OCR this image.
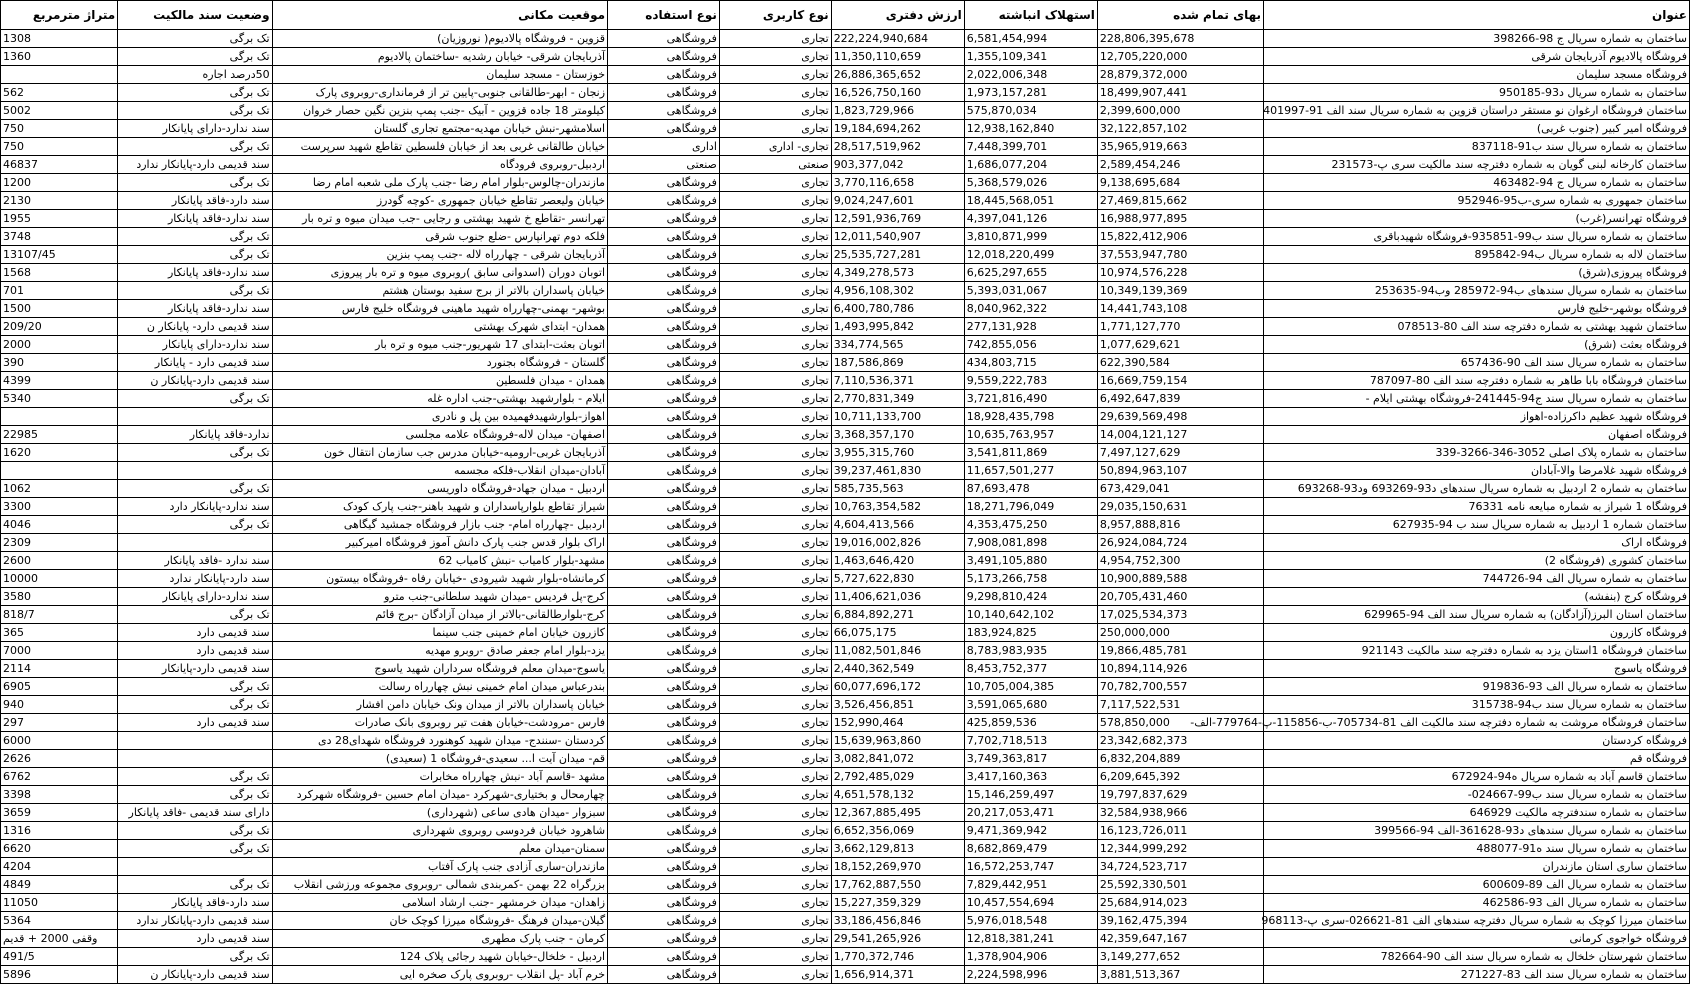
عنوان	بهای تمام شده	استهلاک انباشته	ارزش دفتری	نوع کاربری	نوع استفاده	موقعیت مکانی	وضعیت سند مالکیت	متراژ مترمربع
ساختمان به شماره سریال ج 98-398266	228,806,395,678	6,581,454,994	222,224,940,684	تجاری	فروشگاهی	قزوین - فروشگاه پالادیوم( نوروزیان)	تک برگی	1308
فروشگاه پالادیوم آذربایجان شرقی	12,705,220,000	1,355,109,341	11,350,110,659	تجاری	فروشگاهی	آذربایجان شرقی- خیابان رشدیه -ساختمان پالادیوم	تک برگی	1360
فروشگاه مسجد سلیمان	28,879,372,000	2,022,006,348	26,886,365,652	تجاری	فروشگاهی	خوزستان - مسجد سلیمان	50درصد اجاره	
ساختمان به شماره سریال د93-950185	18,499,907,441	1,973,157,281	16,526,750,160	تجاری	فروشگاهی	زنجان - ابهر-طالقانی جنوبی-پایین تر از فرمانداری-روبروی پارک	تک برگی	562
ساختمان فروشگاه ارغوان نو مستقر دراستان قزوین به شماره سریال سند الف 91-401997	2,399,600,000	575,870,034	1,823,729,966	تجاری	فروشگاهی	کیلومتر 18 جاده قزوین - آبیک -جنب پمپ بنزین نگین حصار خروان	تک برگی	5002
فروشگاه امیر کبیر (جنوب غربی)	32,122,857,102	12,938,162,840	19,184,694,262	تجاری	فروشگاهی	اسلامشهر-نبش خیابان مهدیه-مجتمع تجاری گلستان	سند ندارد-دارای پایانکار	750
ساختمان به شماره سریال سند ب91-837118	35,965,919,663	7,448,399,701	28,517,519,962	تجاری- اداری	اداری	خیابان طالقانی غربی بعد از خیابان فلسطین تقاطع شهید سرپرست	تک برگی	750
ساختمان کارخانه لبنی گویان به شماره دفترچه سند مالکیت سری پ-231573	2,589,454,246	1,686,077,204	903,377,042	صنعتی	صنعتی	اردبیل-روبروی فرودگاه	سند قدیمی دارد-پایانکار ندارد	46837
ساختمان به شماره سریال ج 94-463482	9,138,695,684	5,368,579,026	3,770,116,658	تجاری	فروشگاهی	مازندران-چالوس-بلوار امام رضا -جنب پارک ملی شعبه امام رضا	تک برگی	1200
ساختمان جمهوری به شماره سری-ب95-952946	27,469,815,662	18,445,568,051	9,024,247,601	تجاری	فروشگاهی	خیابان ولیعصر تقاطع خیابان جمهوری -کوچه گودرز	سند دارد-فاقد پایانکار	2130
فروشگاه تهرانسر(غرب)	16,988,977,895	4,397,041,126	12,591,936,769	تجاری	فروشگاهی	تهرانسر -تقاطع خ شهید بهشتی و رجایی -جب میدان میوه و تره بار	سند ندارد-فاقد پایانکار	1955
ساختمان به شماره سریال سند ب99-935851-فروشگاه شهیدباقری	15,822,412,906	3,810,871,999	12,011,540,907	تجاری	فروشگاهی	فلکه دوم تهرانپارس -ضلع جنوب شرقی	تک برگی	3748
ساختمان لاله به شماره سریال ب94-895842	37,553,947,780	12,018,220,499	25,535,727,281	تجاری	فروشگاهی	آذربایجان شرقی - چهارراه لاله -جنب پمپ بنزین	تک برگی	13107/45
فروشگاه پیروزی(شرق)	10,974,576,228	6,625,297,655	4,349,278,573	تجاری	فروشگاهی	اتوبان دوران (اسدوانی سابق )روبروی میوه و تره بار پیروزی	سند ندارد-فاقد پایانکار	1568
ساختمان به شماره سریال سندهای ب94-285972 وب94-253635	10,349,139,369	5,393,031,067	4,956,108,302	تجاری	فروشگاهی	خیابان پاسداران بالاتر از برج سفید بوستان هشتم	تک برگی	701
فروشگاه بوشهر-خلیج فارس	14,441,743,108	8,040,962,322	6,400,780,786	تجاری	فروشگاهی	بوشهر- بهمنی-چهارراه شهید ماهینی فروشگاه خلیج فارس	سند ندارد-فاقد پایانکار	1500
ساختمان شهید بهشتی به شماره دفترچه سند الف 80-078513	1,771,127,770	277,131,928	1,493,995,842	تجاری	فروشگاهی	همدان- ابتدای شهرک بهشتی	سند قدیمی دارد- پایانکار ن	209/20
فروشگاه بعثت (شرق)	1,077,629,621	742,855,056	334,774,565	تجاری	فروشگاهی	اتوبان بعثت-ابتدای 17 شهریور-جنب میوه و تره بار	سند ندارد-دارای پایانکار	2000
ساختمان به شماره سریال سند الف 90-657436	622,390,584	434,803,715	187,586,869	تجاری	فروشگاهی	گلستان - فروشگاه بجنورد	سند قدیمی دارد - پایانکار	390
ساختمان فروشگاه بابا طاهر به شماره دفترچه سند الف 80-787097	16,669,759,154	9,559,222,783	7,110,536,371	تجاری	فروشگاهی	همدان - میدان فلسطین	سند قدیمی دارد-پایانکار ن	4399
ساختمان به شماره سریال سند ج94-241445-فروشگاه بهشتی ایلام -	6,492,647,839	3,721,816,490	2,770,831,349	تجاری	فروشگاهی	ایلام - بلوارشهید بهشتی-جنب اداره غله	تک برگی	5340
فروشگاه شهید عظیم داکرزاده-اهواز	29,639,569,498	18,928,435,798	10,711,133,700	تجاری	فروشگاهی	اهواز-بلوارشهیدفهمیده بین پل و نادری		
فروشگاه اصفهان	14,004,121,127	10,635,763,957	3,368,357,170	تجاری	فروشگاهی	اصفهان- میدان لاله-فروشگاه علامه مجلسی	ندارد-فاقد پایانکار	22985
ساختمان به شماره پلاک اصلی 3052-346-3266-339	7,497,127,629	3,541,811,869	3,955,315,760	تجاری	فروشگاهی	آذربایجان غربی-ارومیه-خیابان مدرس جب سازمان انتقال خون	تک برگی	1620
فروشگاه شهید غلامرضا والا-آبادان	50,894,963,107	11,657,501,277	39,237,461,830	تجاری	فروشگاهی	آبادان-میدان انقلاب-فلکه مجسمه		
ساختمان به شماره 2 اردبیل به شماره سریال سندهای د93-693269 ود93-693268	673,429,041	87,693,478	585,735,563	تجاری	فروشگاهی	اردبیل - میدان جهاد-فروشگاه داوریسی	تک برگی	1062
فروشگاه 1 شیراز به شماره مبایعه نامه 76331	29,035,150,631	18,271,796,049	10,763,354,582	تجاری	فروشگاهی	شیراز تقاطع بلوارپاسداران و شهید باهنر-جنب پارک کودک	سند ندارد-پایانکار دارد	3300
ساختمان شماره 1 اردبیل به شماره سریال سند ب 94-627935	8,957,888,816	4,353,475,250	4,604,413,566	تجاری	فروشگاهی	اردبیل -چهارراه امام- جنب بازار فروشگاه جمشید گیگاهی	تک برگی	4046
فروشگاه اراک	26,924,084,724	7,908,081,898	19,016,002,826	تجاری	فروشگاهی	اراک بلوار قدس جنب پارک دانش آموز فروشگاه امیرکبیر		2309
ساختمان کشوری (فروشگاه 2)	4,954,752,300	3,491,105,880	1,463,646,420	تجاری	فروشگاهی	مشهد-بلوار کامیاب -نبش کامیاب 62	سند ندارد -فاقد پایانکار	2600
ساختمان به شماره سریال الف 94-744726	10,900,889,588	5,173,266,758	5,727,622,830	تجاری	فروشگاهی	کرمانشاه-بلوار شهید شیرودی -خیابان رفاه -فروشگاه بیستون	سند دارد-پایانکار ندارد	10000
فروشگاه کرج (بنفشه)	20,705,431,460	9,298,810,424	11,406,621,036	تجاری	فروشگاهی	کرج-پل فردیس -میدان شهید سلطانی-جنب مترو	سند ندارد-دارای پایانکار	3580
ساختمان استان البرز(آزادگان) به شماره سریال سند الف 94-629965	17,025,534,373	10,140,642,102	6,884,892,271	تجاری	فروشگاهی	کرج-بلوارطالقانی-بالاتر از میدان آزادگان -برج قائم	تک برگی	818/7
فروشگاه کازرون	250,000,000	183,924,825	66,075,175	تجاری	فروشگاهی	کازرون خیابان امام خمینی جنب سینما	سند قدیمی دارد	365
ساختمان فروشگاه 1استان یزد به شماره دفترچه سند مالکیت 921143	19,866,485,781	8,783,983,935	11,082,501,846	تجاری	فروشگاهی	یزد-بلوار امام جعفر صادق -روبرو مهدیه	سند قدیمی دارد	7000
فروشگاه یاسوج	10,894,114,926	8,453,752,377	2,440,362,549	تجاری	فروشگاهی	یاسوج-میدان معلم فروشگاه سرداران شهید یاسوج	سند قدیمی دارد-پایانکار	2114
ساختمان به شماره سریال الف 93-919836	70,782,700,557	10,705,004,385	60,077,696,172	تجاری	فروشگاهی	بندرعباس میدان امام خمینی نبش چهارراه رسالت	تک برگی	6905
ساختمان به شماره سریال سند ب94-315738	7,117,522,531	3,591,065,680	3,526,456,851	تجاری	فروشگاهی	خیابان پاسداران بالاتر از میدان ونک خیابان دامن افشار	تک برگی	940
ساختمان فروشگاه مروشت به شماره دفترچه سند مالکیت الف 81-705734-ب-115856-پ-779764-الف-	578,850,000	425,859,536	152,990,464	تجاری	فروشگاهی	فارس -مرودشت-خیابان هفت تیر روبروی بانک صادرات	سند قدیمی دارد	297
فروشگاه کردستان	23,342,682,373	7,702,718,513	15,639,963,860	تجاری	فروشگاهی	کردستان -سنندج- میدان شهید کوهنورد فروشگاه شهدای28 دی		6000
فروشگاه قم	6,832,204,889	3,749,363,817	3,082,841,072	تجاری	فروشگاهی	قم- میدان آیت ا... سعیدی-فروشگاه 1 (سعیدی)		2626
ساختمان قاسم آباد به شماره سریال ه94-672924	6,209,645,392	3,417,160,363	2,792,485,029	تجاری	فروشگاهی	مشهد -قاسم آباد -نبش چهارراه مخابرات	تک برگی	6762
ساختمان به شماره سریال سند ب99-024667-	19,797,837,629	15,146,259,497	4,651,578,132	تجاری	فروشگاهی	چهارمحال و بختیاری-شهرکرد -میدان امام حسین -فروشگاه شهرکرد	تک برگی	3398
ساختمان به شماره سندفترچه مالکیت 646929	32,584,938,966	20,217,053,471	12,367,885,495	تجاری	فروشگاهی	سبزوار -میدان هادی ساعی (شهرداری)	دارای سند قدیمی -فاقد پایانکار	3659
ساختمان به شماره سریال سندهای د93-361628-الف 94-399566	16,123,726,011	9,471,369,942	6,652,356,069	تجاری	فروشگاهی	شاهرود خیابان فردوسی روبروی شهرداری	تک برگی	1316
ساختمان به شماره سریال سند ه91-488077	12,344,999,292	8,682,869,479	3,662,129,813	تجاری	فروشگاهی	سمنان-میدان معلم	تک برگی	6620
ساختمان ساری استان مازندران	34,724,523,717	16,572,253,747	18,152,269,970	تجاری	فروشگاهی	مازندران-ساری آزادی جنب پارک آفتاب		4204
ساختمان به شماره سریال الف 89-600609	25,592,330,501	7,829,442,951	17,762,887,550	تجاری	فروشگاهی	بزرگراه 22 بهمن -کمربندی شمالی -روبروی مجموعه ورزشی انقلاب	تک برگی	4849
ساختمان به شماره سریال الف 93-462586	25,684,914,023	10,457,554,694	15,227,359,329	تجاری	فروشگاهی	زاهدان- میدان خرمشهر -جنب ارشاد اسلامی	سند دارد-فاقد پایانکار	11050
ساختمان میرزا کوچک به شماره سریال دفترچه سندهای الف 81-026621-سری پ-968113	39,162,475,394	5,976,018,548	33,186,456,846	تجاری	فروشگاهی	گیلان-میدان فرهنگ -فروشگاه میرزا کوچک خان	سند قدیمی دارد-پایانکار ندارد	5364
فروشگاه خواجوی کرمانی	42,359,647,167	12,818,381,241	29,541,265,926	تجاری	فروشگاهی	کرمان - جنب پارک مطهری	سند قدیمی دارد	وقفی 2000 + قدیم
ساختمان شهرستان خلخال به شماره سریال سند الف 90-782664	3,149,277,652	1,378,904,906	1,770,372,746	تجاری	فروشگاهی	اردبیل - خلخال-خیابان شهید رجائی پلاک 124	تک برگی	491/5
ساختمان به شماره سریال سند الف 83-271227	3,881,513,367	2,224,598,996	1,656,914,371	تجاری	فروشگاهی	خرم آباد -پل انقلاب -روبروی پارک صخره ایی	سند قدیمی دارد-پایانکار ن	5896
